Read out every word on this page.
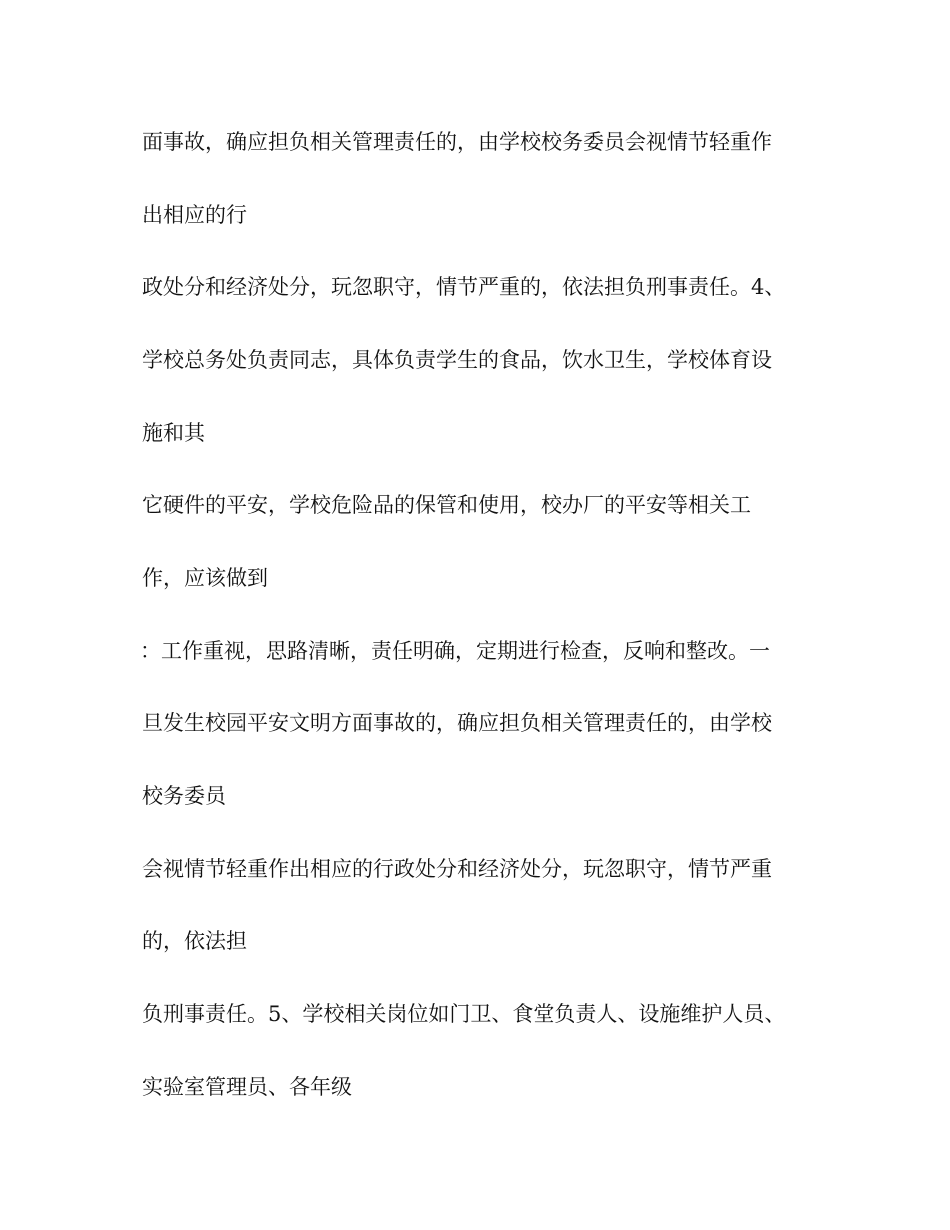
面事故，确应担负相关管理责任的，由学校校务委员会视情节轻重作

出相应的行

政处分和经济处分，玩忽职守，情节严重的，依法担负刑事责任。4、

学校总务处负责同志，具体负责学生的食品，饮水卫生，学校体育设

施和其

它硬件的平安，学校危险品的保管和使用，校办厂的平安等相关工

作，应该做到

：工作重视，思路清晰，责任明确，定期进行检查，反响和整改。一

旦发生校园平安文明方面事故的，确应担负相关管理责任的，由学校

校务委员

会视情节轻重作出相应的行政处分和经济处分，玩忽职守，情节严重

的，依法担

负刑事责任。5、学校相关岗位如门卫、食堂负责人、设施维护人员、

实验室管理员、各年级
